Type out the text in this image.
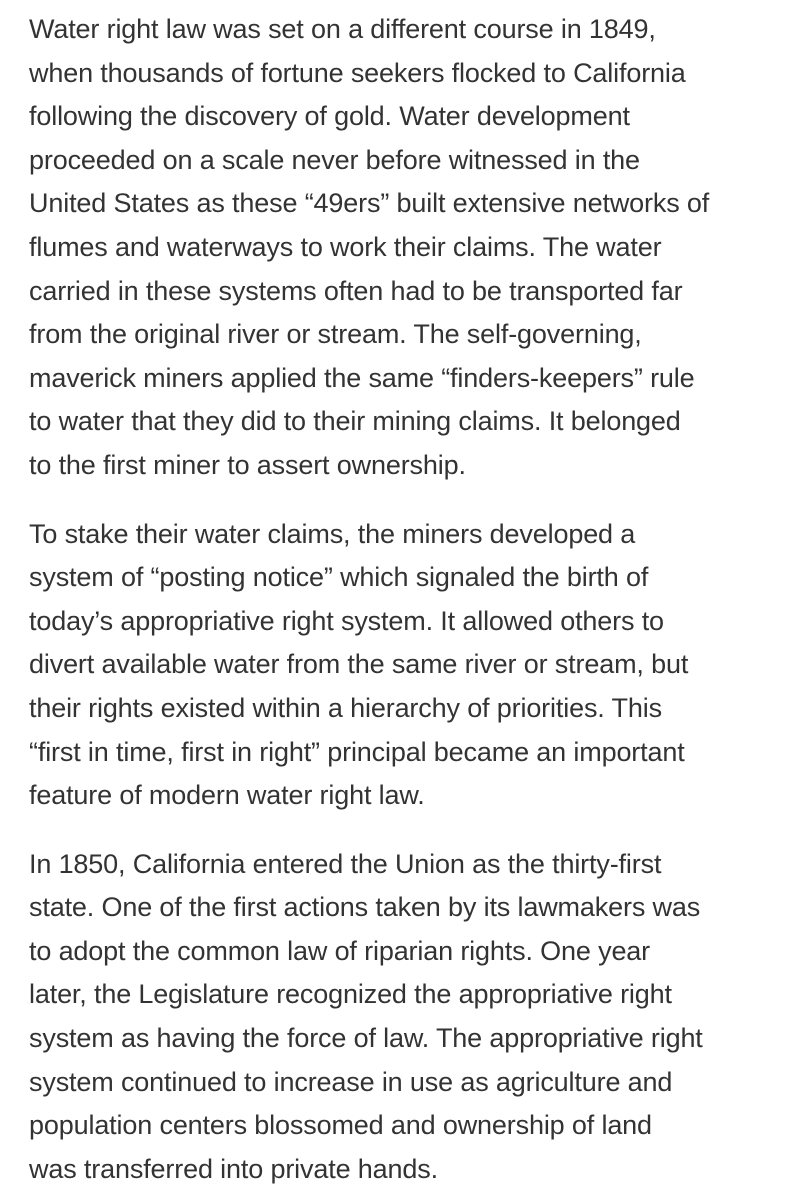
Water right law was set on a different course in 1849,
when thousands of fortune seekers flocked to California
following the discovery of gold. Water development
proceeded on a scale never before witnessed in the
United States as these “49ers” built extensive networks of
flumes and waterways to work their claims. The water
carried in these systems often had to be transported far
from the original river or stream. The self-governing,
maverick miners applied the same “finders-keepers” rule
to water that they did to their mining claims. It belonged
to the first miner to assert ownership.

To stake their water claims, the miners developed a
system of “posting notice” which signaled the birth of
today’s appropriative right system. It allowed others to
divert available water from the same river or stream, but
their rights existed within a hierarchy of priorities. This
“first in time, first in right” principal became an important
feature of modern water right law.

In 1850, California entered the Union as the thirty-first
state. One of the first actions taken by its lawmakers was
to adopt the common law of riparian rights. One year
later, the Legislature recognized the appropriative right
system as having the force of law. The appropriative right
system continued to increase in use as agriculture and
population centers blossomed and ownership of land
was transferred into private hands.
